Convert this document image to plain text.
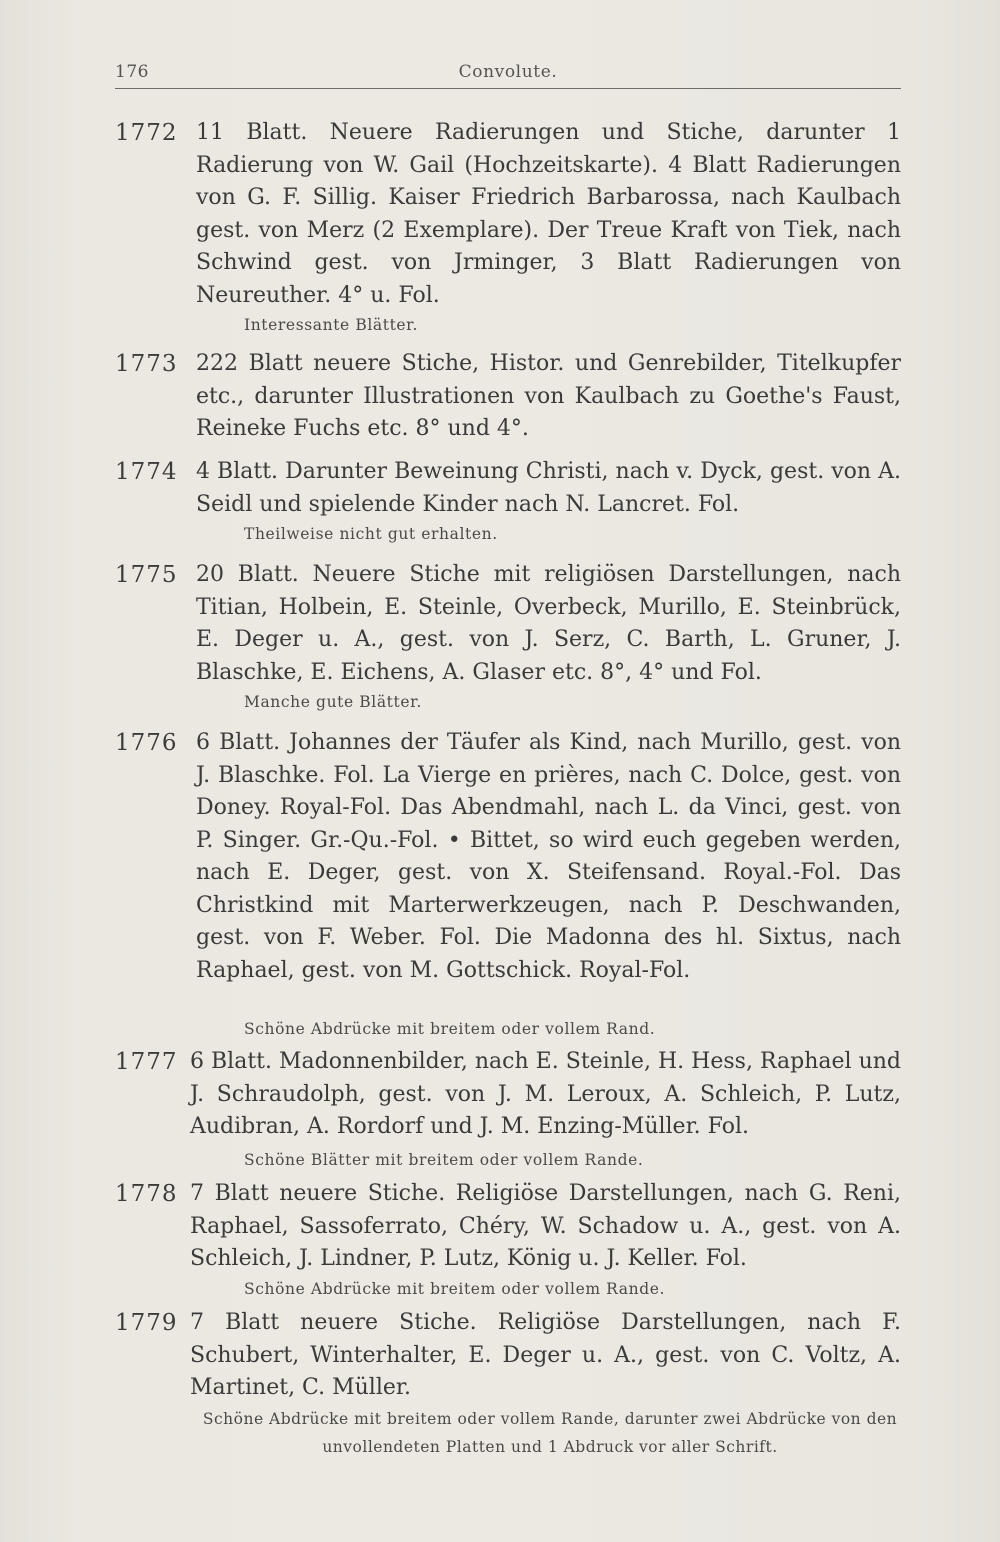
176	Convolute.
1772 11 Blatt. Neuere Radierungen und Stiche, darunter 1 Radierung von W. Gail (Hochzeitskarte). 4 Blatt Radierungen von G. F. Sillig. Kaiser Friedrich Barbarossa, nach Kaulbach gest. von Merz (2 Exemplare). Der Treue Kraft von Tiek, nach Schwind gest. von Jrminger, 3 Blatt Radierungen von Neureuther. 4° u. Fol.
Interessante Blätter.
1773 222 Blatt neuere Stiche, Histor. und Genrebilder, Titelkupfer etc., darunter Illustrationen von Kaulbach zu Goethe's Faust, Reineke Fuchs etc. 8° und 4°.
1774 4 Blatt. Darunter Beweinung Christi, nach v. Dyck, gest. von A. Seidl und spielende Kinder nach N. Lancret. Fol.
Theilweise nicht gut erhalten.
1775 20 Blatt. Neuere Stiche mit religiösen Darstellungen, nach Titian, Holbein, E. Steinle, Overbeck, Murillo, E. Steinbrück, E. Deger u. A., gest. von J. Serz, C. Barth, L. Gruner, J. Blaschke, E. Eichens, A. Glaser etc. 8°, 4° und Fol.
Manche gute Blätter.
1776 6 Blatt. Johannes der Täufer als Kind, nach Murillo, gest. von J. Blaschke. Fol. La Vierge en prières, nach C. Dolce, gest. von Doney. Royal-Fol. Das Abendmahl, nach L. da Vinci, gest. von P. Singer. Gr.-Qu.-Fol. • Bittet, so wird euch gegeben werden, nach E. Deger, gest. von X. Steifensand. Royal.-Fol. Das Christkind mit Marterwerkzeugen, nach P. Deschwanden, gest. von F. Weber. Fol. Die Madonna des hl. Sixtus, nach Raphael, gest. von M. Gottschick. Royal-Fol.
Schöne Abdrücke mit breitem oder vollem Rand.
1777 6 Blatt. Madonnenbilder, nach E. Steinle, H. Hess, Raphael und J. Schraudolph, gest. von J. M. Leroux, A. Schleich, P. Lutz, Audibran, A. Rordorf und J. M. Enzing-Müller. Fol.
Schöne Blätter mit breitem oder vollem Rande.
1778 7 Blatt neuere Stiche. Religiöse Darstellungen, nach G. Reni, Raphael, Sassoferrato, Chéry, W. Schadow u. A., gest. von A. Schleich, J. Lindner, P. Lutz, König u. J. Keller. Fol.
Schöne Abdrücke mit breitem oder vollem Rande.
1779 7 Blatt neuere Stiche. Religiöse Darstellungen, nach F. Schubert, Winterhalter, E. Deger u. A., gest. von C. Voltz, A. Martinet, C. Müller.
Schöne Abdrücke mit breitem oder vollem Rande, darunter zwei Abdrücke von den unvollendeten Platten und 1 Abdruck vor aller Schrift.
